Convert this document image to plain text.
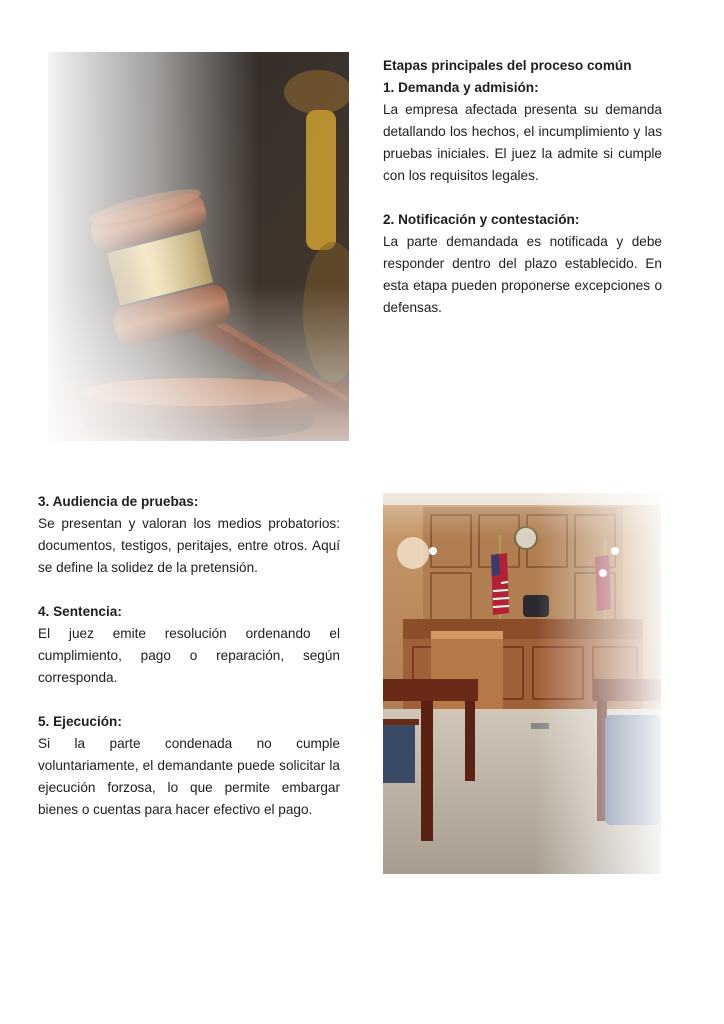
Etapas principales del proceso común
1. Demanda y admisión:

La empresa afectada presenta su demanda detallando los hechos, el incumplimiento y las pruebas iniciales. El juez la admite si cumple con los requisitos legales.

2. Notificación y contestación:

La parte demandada es notificada y debe responder dentro del plazo establecido. En esta etapa pueden proponerse excepciones o defensas.

3. Audiencia de pruebas:

Se presentan y valoran los medios probatorios: documentos, testigos, peritajes, entre otros. Aquí se define la solidez de la pretensión.

4. Sentencia:

El juez emite resolución ordenando el cumplimiento, pago o reparación, según corresponda.

5. Ejecución:

Si la parte condenada no cumple voluntariamente, el demandante puede solicitar la ejecución forzosa, lo que permite embargar bienes o cuentas para hacer efectivo el pago.
